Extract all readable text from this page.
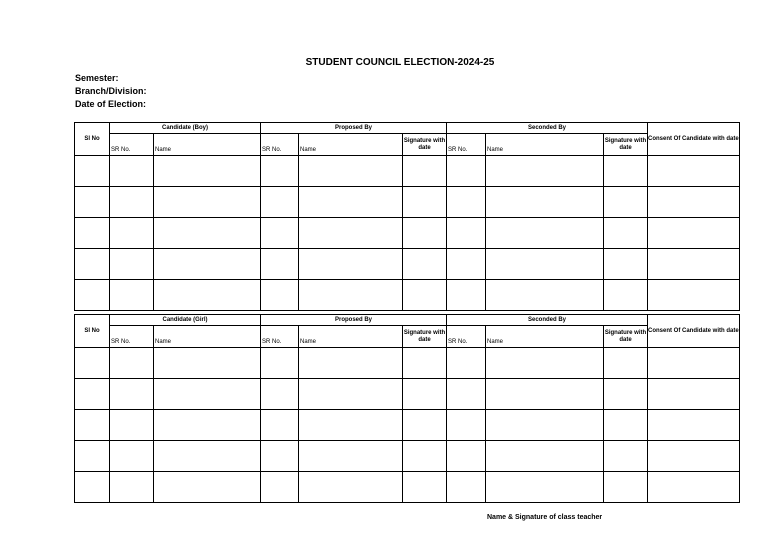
STUDENT COUNCIL ELECTION-2024-25
Semester:
Branch/Division:
Date of Election:
Sl No	Candidate (Boy)		Proposed By			Seconded By			Consent Of Candidate with date
	SR No.	Name	SR No.	Name	Signature with date	SR No.	Name	Signature with date	

Sl No	Candidate (Girl)		Proposed By			Seconded By			Consent Of Candidate with date
	SR No.	Name	SR No.	Name	Signature with date	SR No.	Name	Signature with date	

Name & Signature of class teacher
